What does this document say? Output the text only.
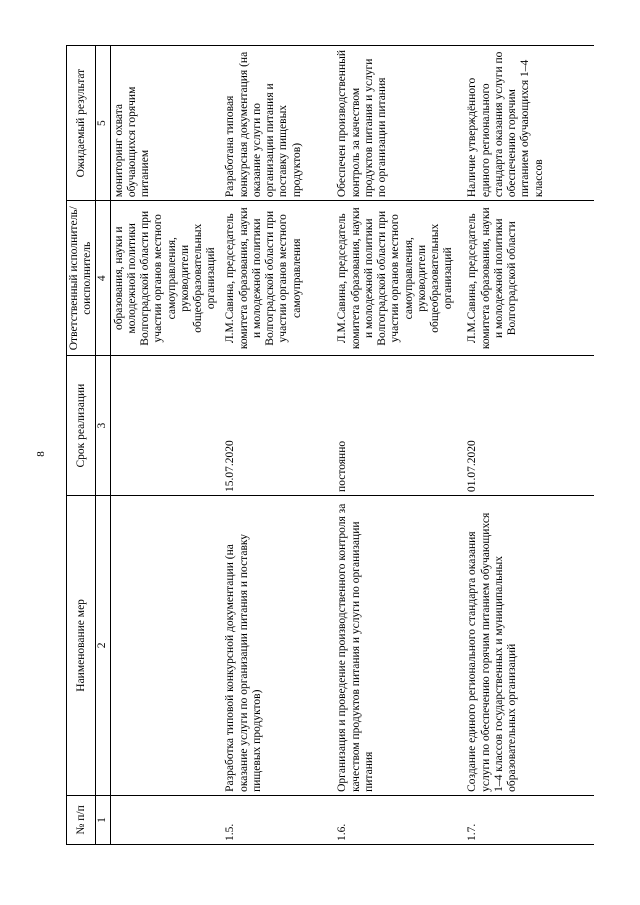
8
№ п/п	Наименование мер	Срок реализации	Ответственный исполнитель/соисполнитель	Ожидаемый результат
1	2	3	4	5
			образования, науки и молодежной политики Волгоградской области при участии органов местного самоуправления, руководители общеобразовательных организаций	мониторинг охвата обучающихся горячим питанием
1.5.	Разработка типовой конкурсной документации (на оказание услуги по организации питания и поставку пищевых продуктов)	15.07.2020	Л.М.Савина, председатель комитета образования, науки и молодежной политики Волгоградской области при участии органов местного самоуправления	Разработана типовая конкурсная документация (на оказание услуги по организации питания и поставку пищевых продуктов)
1.6.	Организация и проведение производственного контроля за качеством продуктов питания и услуги по организации питания	постоянно	Л.М.Савина, председатель комитета образования, науки и молодежной политики Волгоградской области при участии органов местного самоуправления, руководители общеобразовательных организаций	Обеспечен производственный контроль за качеством продуктов питания и услуги по организации питания
1.7.	Создание единого регионального стандарта оказания услуги по обеспечению горячим питанием обучающихся 1–4 классов государственных и муниципальных образовательных организаций	01.07.2020	Л.М.Савина, председатель комитета образования, науки и молодежной политики Волгоградской области	Наличие утверждённого единого регионального стандарта оказания услуги по обеспечению горячим питанием обучающихся 1–4 классов
